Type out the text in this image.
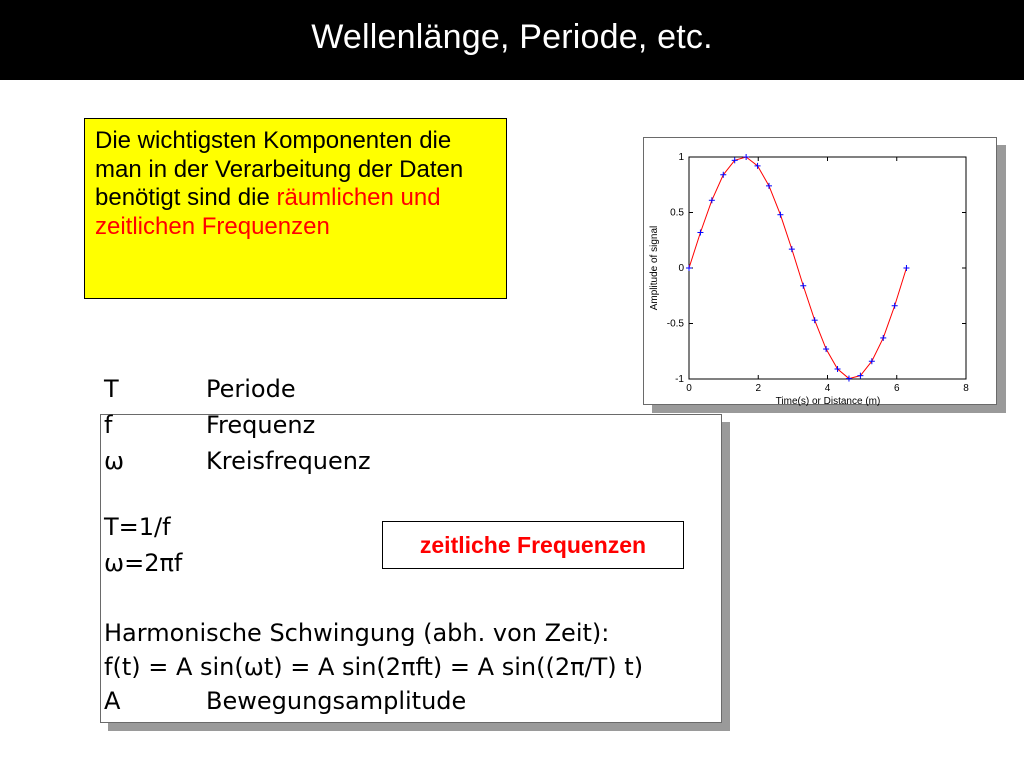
Wellenlänge, Periode, etc.
Die wichtigsten Komponenten die man in der Verarbeitung der Daten benötigt sind die räumlichen und zeitlichen Frequenzen
0	2	4	6	8
1
0.5
0
-0.5
-1
Amplitude of signal
Time(s) or Distance (m)
T	Periode
f	Frequenz
ω	Kreisfrequenz
T=1/f
ω=2πf
Harmonische Schwingung (abh. von Zeit):
f(t) = A sin(ωt) = A sin(2πft) = A sin((2π/T) t)
A	Bewegungsamplitude
zeitliche Frequenzen
